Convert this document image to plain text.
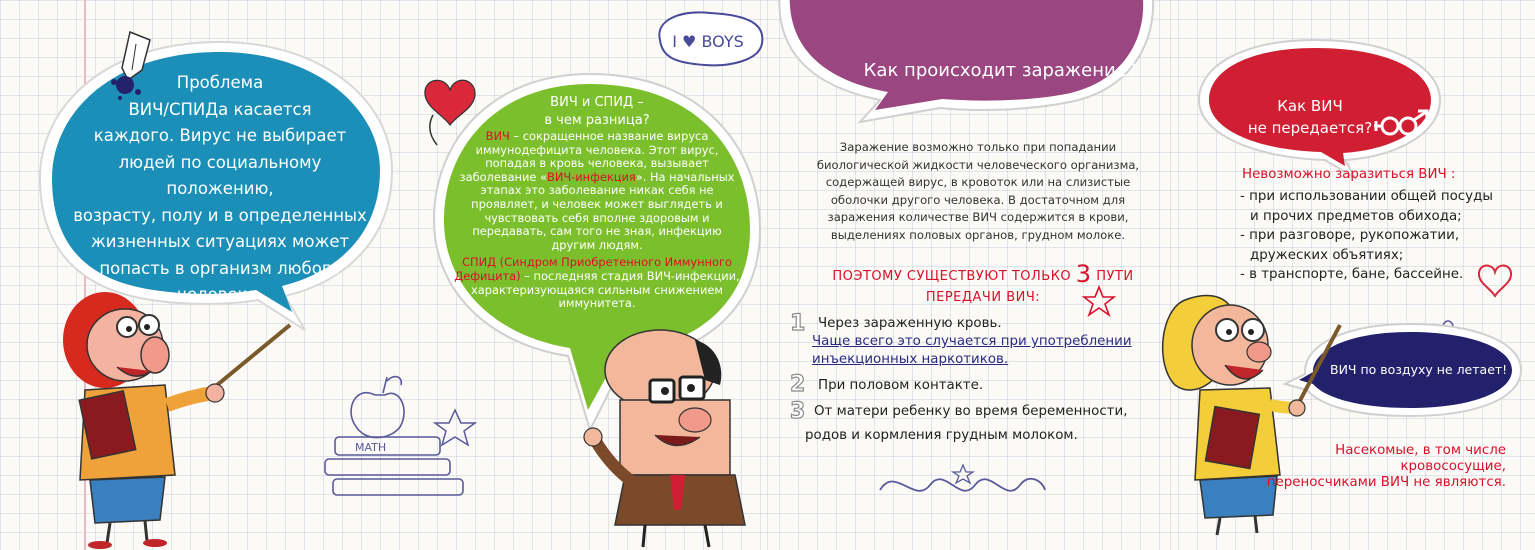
Проблема
ВИЧ/СПИДа касается
каждого. Вирус не выбирает
людей по социальному положению,
возрасту, полу и в определенных
жизненных ситуациях может
попасть в организм любого
человека.
I ♥ BOYS
ВИЧ и СПИД –
в чем разница?
ВИЧ – сокращенное название вируса иммунодефицита человека. Этот вирус, попадая в кровь человека, вызывает заболевание «ВИЧ-инфекция». На начальных этапах это заболевание никак себя не проявляет, и человек может выглядеть и чувствовать себя вполне здоровым и передавать, сам того не зная, инфекцию другим людям.
СПИД (Синдром Приобретенного Иммунного Дефицита) – последняя стадия ВИЧ-инфекции, характеризующаяся сильным снижением иммунитета.
MATH
Как происходит заражение?
Заражение возможно только при попадании биологической жидкости человеческого организма, содержащей вирус, в кровоток или на слизистые оболочки другого человека. В достаточном для заражения количестве ВИЧ содержится в крови, выделениях половых органов, грудном молоке.
ПОЭТОМУ СУЩЕСТВУЮТ ТОЛЬКО 3 ПУТИ
ПЕРЕДАЧИ ВИЧ:
1 Через зараженную кровь.
Чаще всего это случается при употреблении
инъекционных наркотиков.
2 При половом контакте.
3 От матери ребенку во время беременности,
родов и кормления грудным молоком.
Как ВИЧ
не передается?
Невозможно заразиться ВИЧ :
- при использовании общей посуды
и прочих предметов обихода;
- при разговоре, рукопожатии,
дружеских объятиях;
- в транспорте, бане, бассейне.
ВИЧ по воздуху не летает!
Насекомые, в том числе
кровососущие,
переносчиками ВИЧ не являются.
